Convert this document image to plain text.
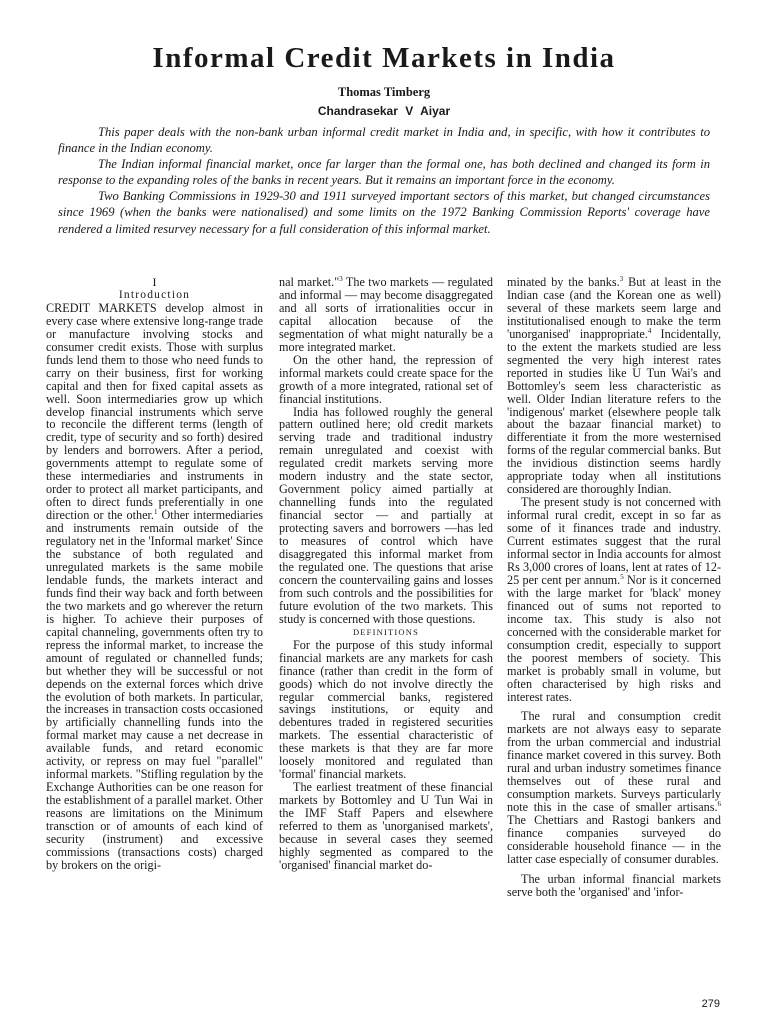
Informal Credit Markets in India
Thomas Timberg
Chandrasekar V Aiyar

This paper deals with the non-bank urban informal credit market in India and, in specific, with how it contributes to finance in the Indian economy.

The Indian informal financial market, once far larger than the formal one, has both declined and changed its form in response to the expanding roles of the banks in recent years. But it remains an important force in the economy.

Two Banking Commissions in 1929-30 and 1911 surveyed important sectors of this market, but changed circumstances since 1969 (when the banks were nationalised) and some limits on the 1972 Banking Commission Reports' coverage have rendered a limited resurvey necessary for a full consideration of this informal market.

I

Introduction

CREDIT MARKETS develop almost in every case where extensive long-range trade or manufacture involving stocks and consumer credit exists. Those with surplus funds lend them to those who need funds to carry on their business, first for working capital and then for fixed capital assets as well. Soon intermediaries grow up which develop financial instruments which serve to reconcile the different terms (length of credit, type of security and so forth) desired by lenders and borrowers. After a period, governments attempt to regulate some of these intermediaries and instruments in order to protect all market participants, and often to direct funds preferentially in one direction or the other.$^1$ Other intermediaries and instruments remain outside of the regulatory net in the 'Informal market' Since the substance of both regulated and unregulated markets is the same mobile lendable funds, the markets interact and funds find their way back and forth between the two markets and go wherever the return is higher. To achieve their purposes of capital channeling, governments often try to repress the informal market, to increase the amount of regulated or channelled funds; but whether they will be successful or not depends on the external forces which drive the evolution of both markets. In particular, the increases in transaction costs occasioned by artificially channelling funds into the formal market may cause a net decrease in available funds, and retard economic activity, or repress on may fuel "parallel" informal markets. "Stifling regulation by the Exchange Authorities can be one reason for the establishment of a parallel market. Other reasons are limitations on the Minimum transction or of amounts of each kind of security (instrument) and excessive commissions (transactions costs) charged by brokers on the origi-

nal market."$^3$ The two markets — regulated and informal — may become disaggregated and all sorts of irrationalities occur in capital allocation because of the segmentation of what might naturally be a more integrated market.

On the other hand, the repression of informal markets could create space for the growth of a more integrated, rational set of financial institutions.

India has followed roughly the general pattern outlined here; old credit markets serving trade and traditional industry remain unregulated and coexist with regulated credit markets serving more modern industry and the state sector, Government policy aimed partially at channelling funds into the regulated financial sector — and partially at protecting savers and borrowers —has led to measures of control which have disaggregated this informal market from the regulated one. The questions that arise concern the countervailing gains and losses from such controls and the possibilities for future evolution of the two markets. This study is concerned with those questions.

DEFINITIONS

For the purpose of this study informal financial markets are any markets for cash finance (rather than credit in the form of goods) which do not involve directly the regular commercial banks, registered savings institutions, or equity and debentures traded in registered securities markets. The essential characteristic of these markets is that they are far more loosely monitored and regulated than 'formal' financial markets.

The earliest treatment of these financial markets by Bottomley and U Tun Wai in the IMF Staff Papers and elsewhere referred to them as 'unorganised markets', because in several cases they seemed highly segmented as compared to the 'organised' financial market do-

minated by the banks.$^3$ But at least in the Indian case (and the Korean one as well) several of these markets seem large and institutionalised enough to make the term 'unorganised' inappropriate.$^4$ Incidentally, to the extent the markets studied are less segmented the very high interest rates reported in studies like U Tun Wai's and Bottomley's seem less characteristic as well. Older Indian literature refers to the 'indigenous' market (elsewhere people talk about the bazaar financial market) to differentiate it from the more westernised forms of the regular commercial banks. But the invidious distinction seems hardly appropriate today when all institutions considered are thoroughly Indian.

The present study is not concerned with informal rural credit, except in so far as some of it finances trade and industry. Current estimates suggest that the rural informal sector in India accounts for almost Rs 3,000 crores of loans, lent at rates of 12-25 per cent per annum.$^5$ Nor is it concerned with the large market for 'black' money financed out of sums not reported to income tax. This study is also not concerned with the considerable market for consumption credit, especially to support the poorest members of society. This market is probably small in volume, but often characterised by high risks and interest rates.

The rural and consumption credit markets are not always easy to separate from the urban commercial and industrial finance market covered in this survey. Both rural and urban industry sometimes finance themselves out of these rural and consumption markets. Surveys particularly note this in the case of smaller artisans.$^6$ The Chettiars and Rastogi bankers and finance companies surveyed do considerable household finance — in the latter case especially of consumer durables.

The urban informal financial markets serve both the 'organised' and 'infor-

279
